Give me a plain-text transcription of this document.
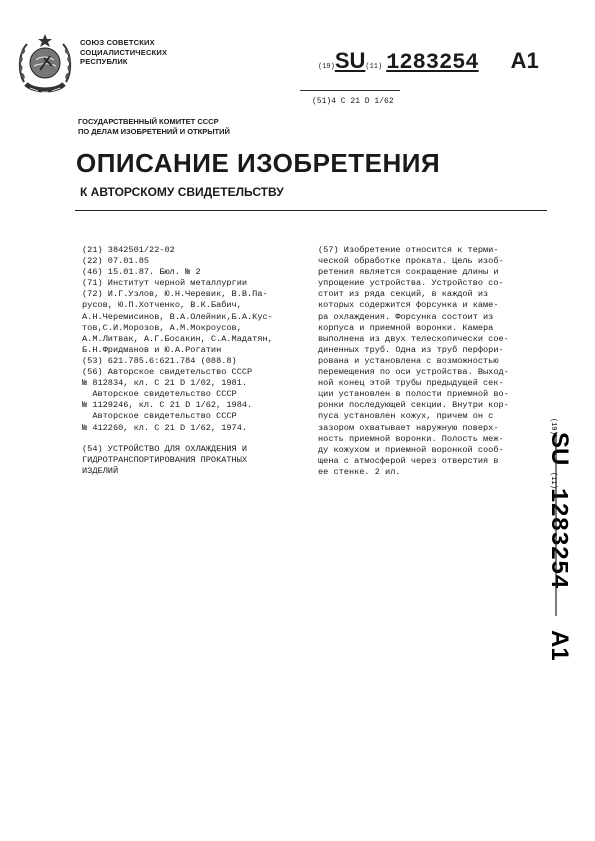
СОЮЗ СОВЕТСКИХ
СОЦИАЛИСТИЧЕСКИХ
РЕСПУБЛИК
(19)SU(11) 1283254 A1
(51)4 С 21 D 1/62
ГОСУДАРСТВЕННЫЙ КОМИТЕТ СССР
ПО ДЕЛАМ ИЗОБРЕТЕНИЙ И ОТКРЫТИЙ
ОПИСАНИЕ ИЗОБРЕТЕНИЯ
К АВТОРСКОМУ СВИДЕТЕЛЬСТВУ
(21) 3842501/22-02
(22) 07.01.85
(46) 15.01.87. Бюл. № 2
(71) Институт черной металлургии
(72) И.Г.Узлов, Ю.Н.Черевик, В.В.Па-
русов, Ю.П.Хотченко, В.К.Бабич,
А.Н.Черемисинов, В.А.Олейник,Б.А.Кус-
тов,С.И.Морозов, А.М.Мокроусов,
А.М.Литвак, А.Г.Босакин, С.А.Мадатян,
Б.Н.Фридманов и Ю.А.Рогатин
(53) 621.785.6:621.784 (088.8)
(56) Авторское свидетельство СССР
№ 812834, кл. С 21 D 1/02, 1981.
Авторское свидетельство СССР
№ 1129246, кл. С 21 D 1/62, 1984.
Авторское свидетельство СССР
№ 412260, кл. С 21 D 1/62, 1974.
(54) УСТРОЙСТВО ДЛЯ ОХЛАЖДЕНИЯ И
ГИДРОТРАНСПОРТИРОВАНИЯ ПРОКАТНЫХ
ИЗДЕЛИЙ
(57) Изобретение относится к терми-
ческой обработке проката. Цель изоб-
ретения является сокращение длины и
упрощение устройства. Устройство со-
стоит из ряда секций, в каждой из
которых содержится форсунка и каме-
ра охлаждения. Форсунка состоит из
корпуса и приемной воронки. Камера
выполнена из двух телескопически сое-
диненных труб. Одна из труб перфори-
рована и установлена с возможностью
перемещения по оси устройства. Выход-
ной конец этой трубы предыдущей сек-
ции установлен в полости приемной во-
ронки последующей секции. Внутри кор-
пуса установлен кожух, причем он с
зазором охватывает наружную поверх-
ность приемной воронки. Полость меж-
ду кожухом и приемной воронкой сооб-
щена с атмосферой через отверстия в
ее стенке. 2 ил.
(19)
SU
(11)
1283254
A1
